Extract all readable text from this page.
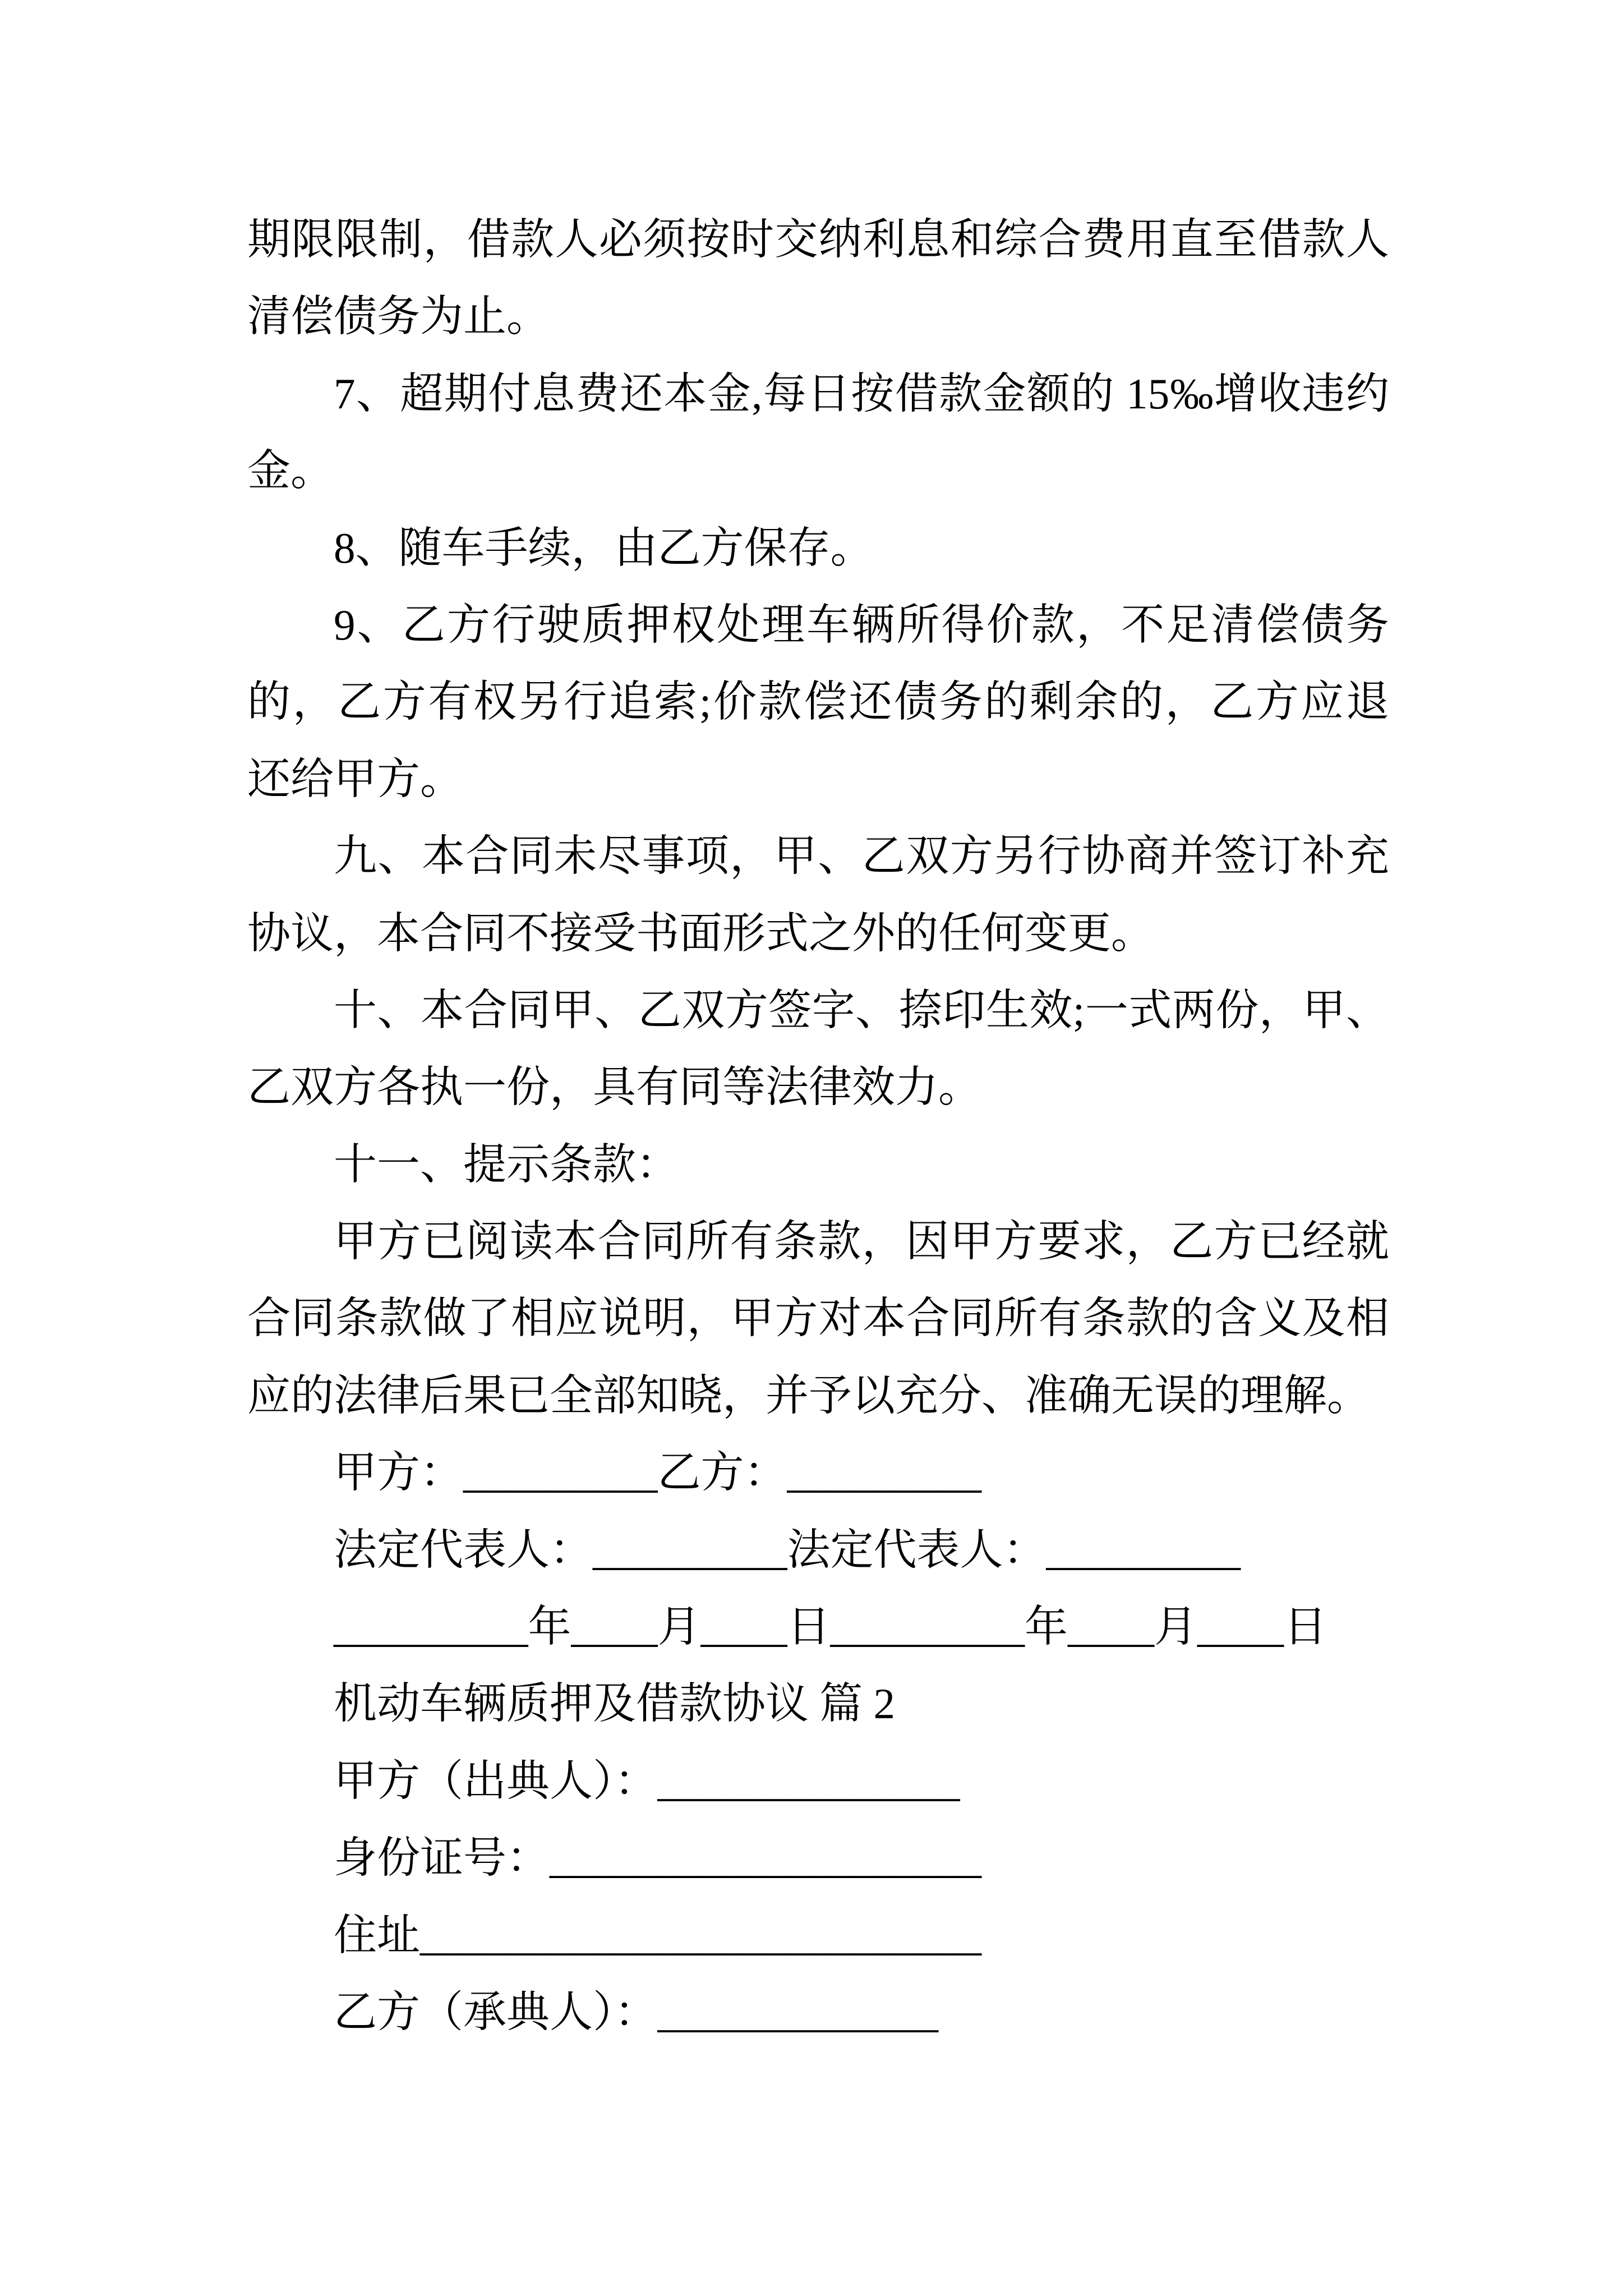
期限限制，借款人必须按时交纳利息和综合费用直至借款人
清偿债务为止。
7、超期付息费还本金,每日按借款金额的 15‰增收违约
金。
8、随车手续，由乙方保存。
9、乙方行驶质押权处理车辆所得价款，不足清偿债务
的，乙方有权另行追索;价款偿还债务的剩余的，乙方应退
还给甲方。
九、本合同未尽事项，甲、乙双方另行协商并签订补充
协议，本合同不接受书面形式之外的任何变更。
十、本合同甲、乙双方签字、捺印生效;一式两份，甲、
乙双方各执一份，具有同等法律效力。
十一、提示条款：
甲方已阅读本合同所有条款，因甲方要求，乙方已经就
合同条款做了相应说明，甲方对本合同所有条款的含义及相
应的法律后果已全部知晓，并予以充分、准确无误的理解。
甲方：_________乙方：_________
法定代表人：_________法定代表人：_________
_________年____月____日_________年____月____日
机动车辆质押及借款协议 篇 2
甲方（出典人）：______________
身份证号：____________________
住址__________________________
乙方（承典人）：_____________
